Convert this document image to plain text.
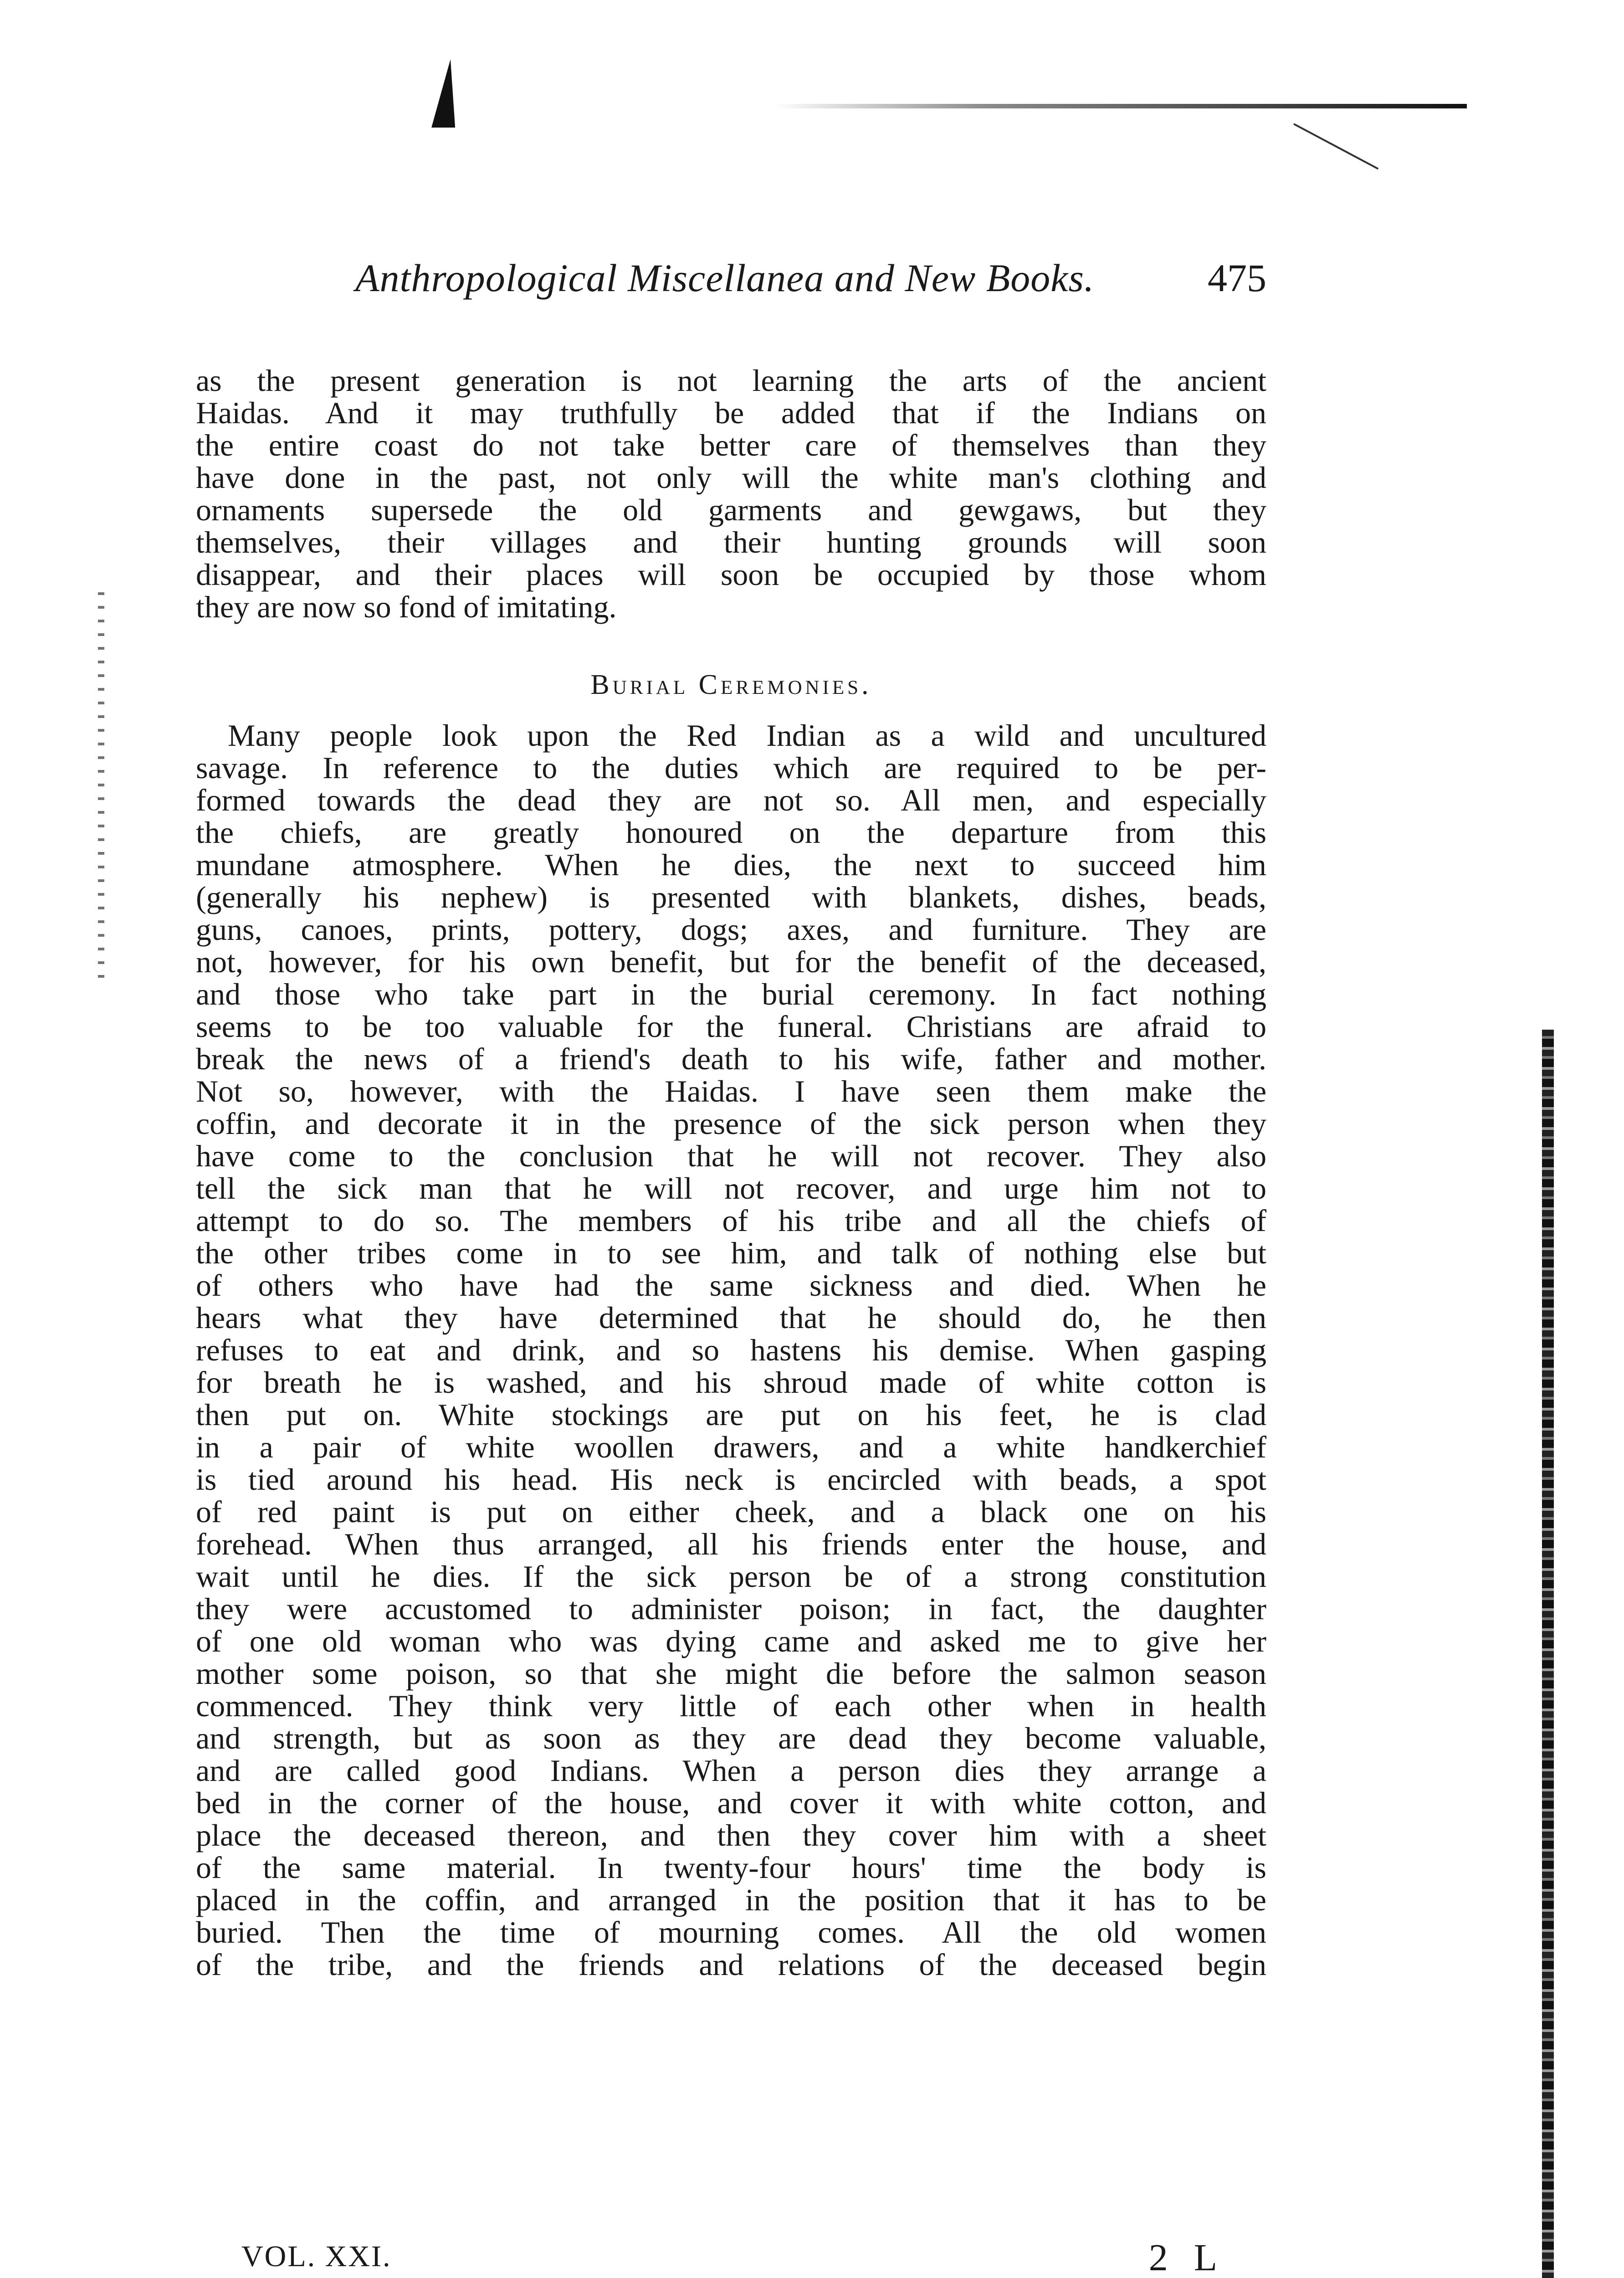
Anthropological Miscellanea and New Books.	475
as the present generation is not learning the arts of the ancient
Haidas. And it may truthfully be added that if the Indians on
the entire coast do not take better care of themselves than they
have done in the past, not only will the white man's clothing and
ornaments supersede the old garments and gewgaws, but they
themselves, their villages and their hunting grounds will soon
disappear, and their places will soon be occupied by those whom
they are now so fond of imitating.
Burial Ceremonies.
Many people look upon the Red Indian as a wild and uncultured
savage. In reference to the duties which are required to be per-
formed towards the dead they are not so. All men, and especially
the chiefs, are greatly honoured on the departure from this
mundane atmosphere. When he dies, the next to succeed him
(generally his nephew) is presented with blankets, dishes, beads,
guns, canoes, prints, pottery, dogs; axes, and furniture. They are
not, however, for his own benefit, but for the benefit of the deceased,
and those who take part in the burial ceremony. In fact nothing
seems to be too valuable for the funeral. Christians are afraid to
break the news of a friend's death to his wife, father and mother.
Not so, however, with the Haidas. I have seen them make the
coffin, and decorate it in the presence of the sick person when they
have come to the conclusion that he will not recover. They also
tell the sick man that he will not recover, and urge him not to
attempt to do so. The members of his tribe and all the chiefs of
the other tribes come in to see him, and talk of nothing else but
of others who have had the same sickness and died. When he
hears what they have determined that he should do, he then
refuses to eat and drink, and so hastens his demise. When gasping
for breath he is washed, and his shroud made of white cotton is
then put on. White stockings are put on his feet, he is clad
in a pair of white woollen drawers, and a white handkerchief
is tied around his head. His neck is encircled with beads, a spot
of red paint is put on either cheek, and a black one on his
forehead. When thus arranged, all his friends enter the house, and
wait until he dies. If the sick person be of a strong constitution
they were accustomed to administer poison; in fact, the daughter
of one old woman who was dying came and asked me to give her
mother some poison, so that she might die before the salmon season
commenced. They think very little of each other when in health
and strength, but as soon as they are dead they become valuable,
and are called good Indians. When a person dies they arrange a
bed in the corner of the house, and cover it with white cotton, and
place the deceased thereon, and then they cover him with a sheet
of the same material. In twenty-four hours' time the body is
placed in the coffin, and arranged in the position that it has to be
buried. Then the time of mourning comes. All the old women
of the tribe, and the friends and relations of the deceased begin
VOL. XXI.	2 L
